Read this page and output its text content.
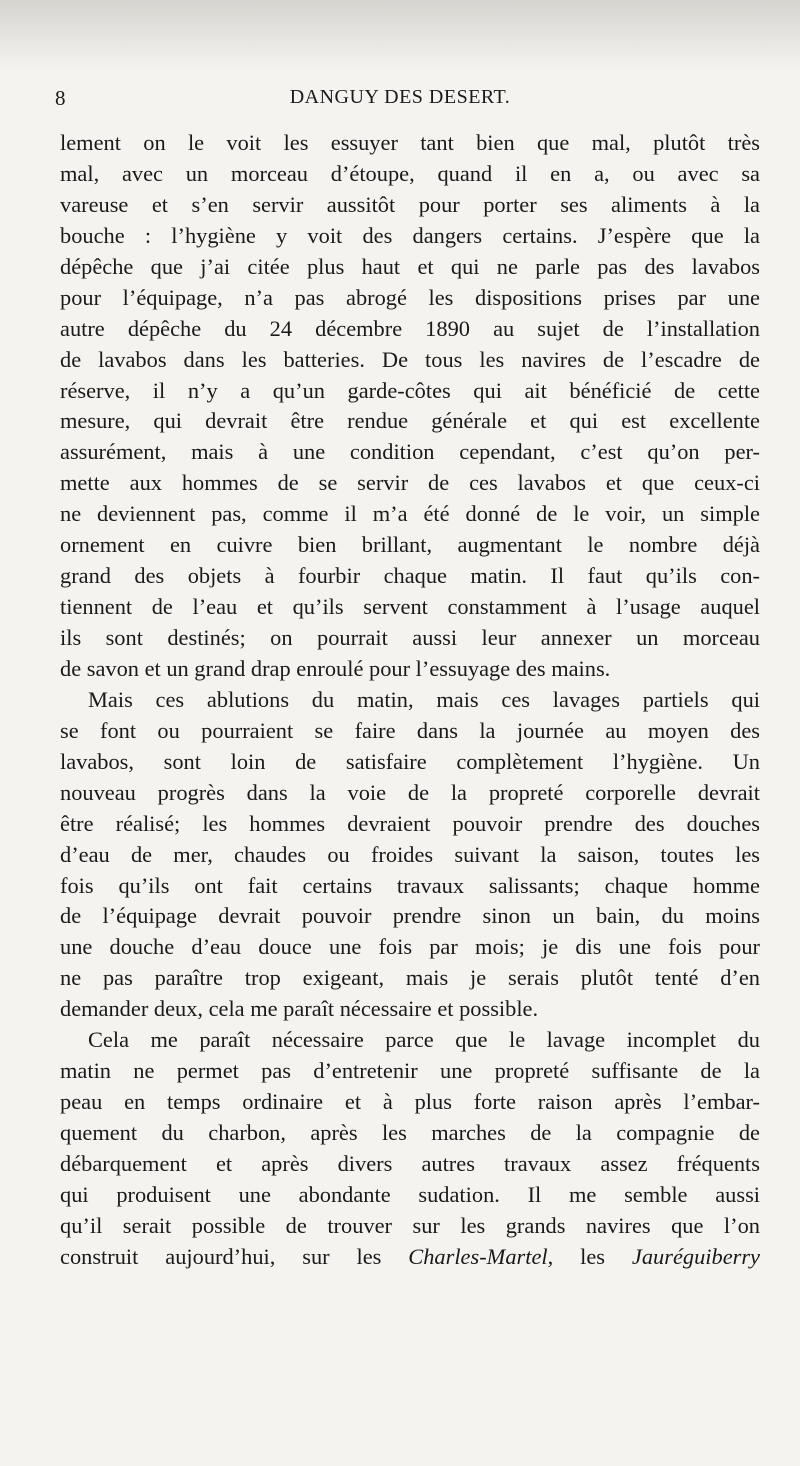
8	DANGUY DES DESERT.
lement on le voit les essuyer tant bien que mal, plutôt très
mal, avec un morceau d’étoupe, quand il en a, ou avec sa
vareuse et s’en servir aussitôt pour porter ses aliments à la
bouche : l’hygiène y voit des dangers certains. J’espère que la
dépêche que j’ai citée plus haut et qui ne parle pas des lavabos
pour l’équipage, n’a pas abrogé les dispositions prises par une
autre dépêche du 24 décembre 1890 au sujet de l’installation
de lavabos dans les batteries. De tous les navires de l’escadre de
réserve, il n’y a qu’un garde-côtes qui ait bénéficié de cette
mesure, qui devrait être rendue générale et qui est excellente
assurément, mais à une condition cependant, c’est qu’on per-
mette aux hommes de se servir de ces lavabos et que ceux-ci
ne deviennent pas, comme il m’a été donné de le voir, un simple
ornement en cuivre bien brillant, augmentant le nombre déjà
grand des objets à fourbir chaque matin. Il faut qu’ils con-
tiennent de l’eau et qu’ils servent constamment à l’usage auquel
ils sont destinés; on pourrait aussi leur annexer un morceau
de savon et un grand drap enroulé pour l’essuyage des mains.
Mais ces ablutions du matin, mais ces lavages partiels qui
se font ou pourraient se faire dans la journée au moyen des
lavabos, sont loin de satisfaire complètement l’hygiène. Un
nouveau progrès dans la voie de la propreté corporelle devrait
être réalisé; les hommes devraient pouvoir prendre des douches
d’eau de mer, chaudes ou froides suivant la saison, toutes les
fois qu’ils ont fait certains travaux salissants; chaque homme
de l’équipage devrait pouvoir prendre sinon un bain, du moins
une douche d’eau douce une fois par mois; je dis une fois pour
ne pas paraître trop exigeant, mais je serais plutôt tenté d’en
demander deux, cela me paraît nécessaire et possible.
Cela me paraît nécessaire parce que le lavage incomplet du
matin ne permet pas d’entretenir une propreté suffisante de la
peau en temps ordinaire et à plus forte raison après l’embar-
quement du charbon, après les marches de la compagnie de
débarquement et après divers autres travaux assez fréquents
qui produisent une abondante sudation. Il me semble aussi
qu’il serait possible de trouver sur les grands navires que l’on
construit aujourd’hui, sur les Charles-Martel, les Jauréguiberry
